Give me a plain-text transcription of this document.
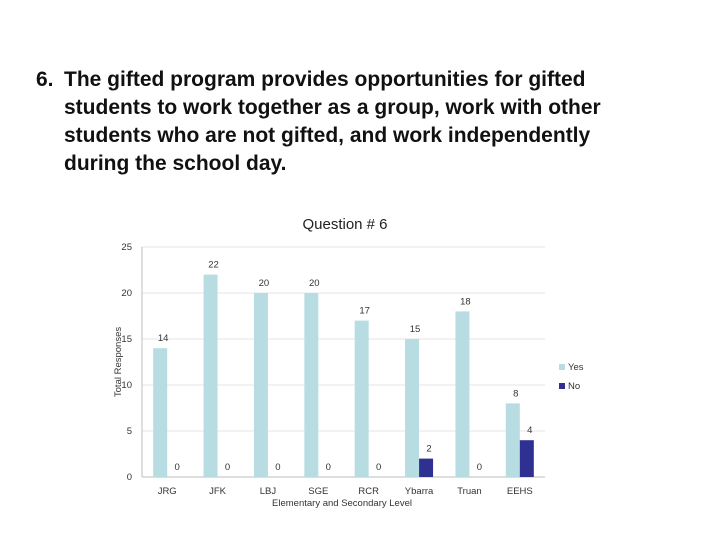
6. The gifted program provides opportunities for gifted
students to work together as a group, work with other
students who are not gifted, and work independently
during the school day.
Question # 6
0
5
10
15
20
25
14
0
22
0
20
0
20
0
17
0
15
2
18
0
8
4
JRG	JFK	LBJ	SGE	RCR	Ybarra	Truan	EEHS
Elementary and Secondary Level
Total Responses	Yes
No
